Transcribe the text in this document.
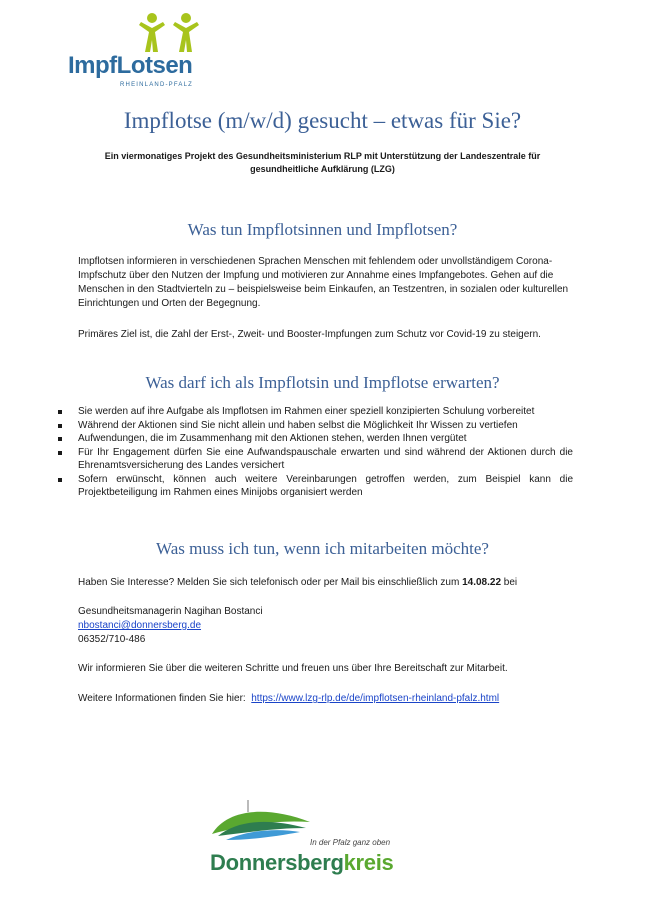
ImpfLotsen
RHEINLAND-PFALZ
Impflotse (m/w/d) gesucht – etwas für Sie?
Ein viermonatiges Projekt des Gesundheitsministerium RLP mit Unterstützung der Landeszentrale für gesundheitliche Aufklärung (LZG)
Was tun Impflotsinnen und Impflotsen?
Impflotsen informieren in verschiedenen Sprachen Menschen mit fehlendem oder unvollständigem Corona-Impfschutz über den Nutzen der Impfung und motivieren zur Annahme eines Impfangebotes. Gehen auf die Menschen in den Stadtvierteln zu – beispielsweise beim Einkaufen, an Testzentren, in sozialen oder kulturellen Einrichtungen und Orten der Begegnung.
Primäres Ziel ist, die Zahl der Erst-, Zweit- und Booster-Impfungen zum Schutz vor Covid-19 zu steigern.
Was darf ich als Impflotsin und Impflotse erwarten?
Sie werden auf ihre Aufgabe als Impflotsen im Rahmen einer speziell konzipierten Schulung vorbereitet
Während der Aktionen sind Sie nicht allein und haben selbst die Möglichkeit Ihr Wissen zu vertiefen
Aufwendungen, die im Zusammenhang mit den Aktionen stehen, werden Ihnen vergütet
Für Ihr Engagement dürfen Sie eine Aufwandspauschale erwarten und sind während der Aktionen durch die Ehrenamtsversicherung des Landes versichert
Sofern erwünscht, können auch weitere Vereinbarungen getroffen werden, zum Beispiel kann die Projektbeteiligung im Rahmen eines Minijobs organisiert werden
Was muss ich tun, wenn ich mitarbeiten möchte?
Haben Sie Interesse? Melden Sie sich telefonisch oder per Mail bis einschließlich zum 14.08.22 bei
Gesundheitsmanagerin Nagihan Bostanci
nbostanci@donnersberg.de
06352/710-486
Wir informieren Sie über die weiteren Schritte und freuen uns über Ihre Bereitschaft zur Mitarbeit.
Weitere Informationen finden Sie hier: https://www.lzg-rlp.de/de/impflotsen-rheinland-pfalz.html
In der Pfalz ganz oben
Donnersbergkreis
